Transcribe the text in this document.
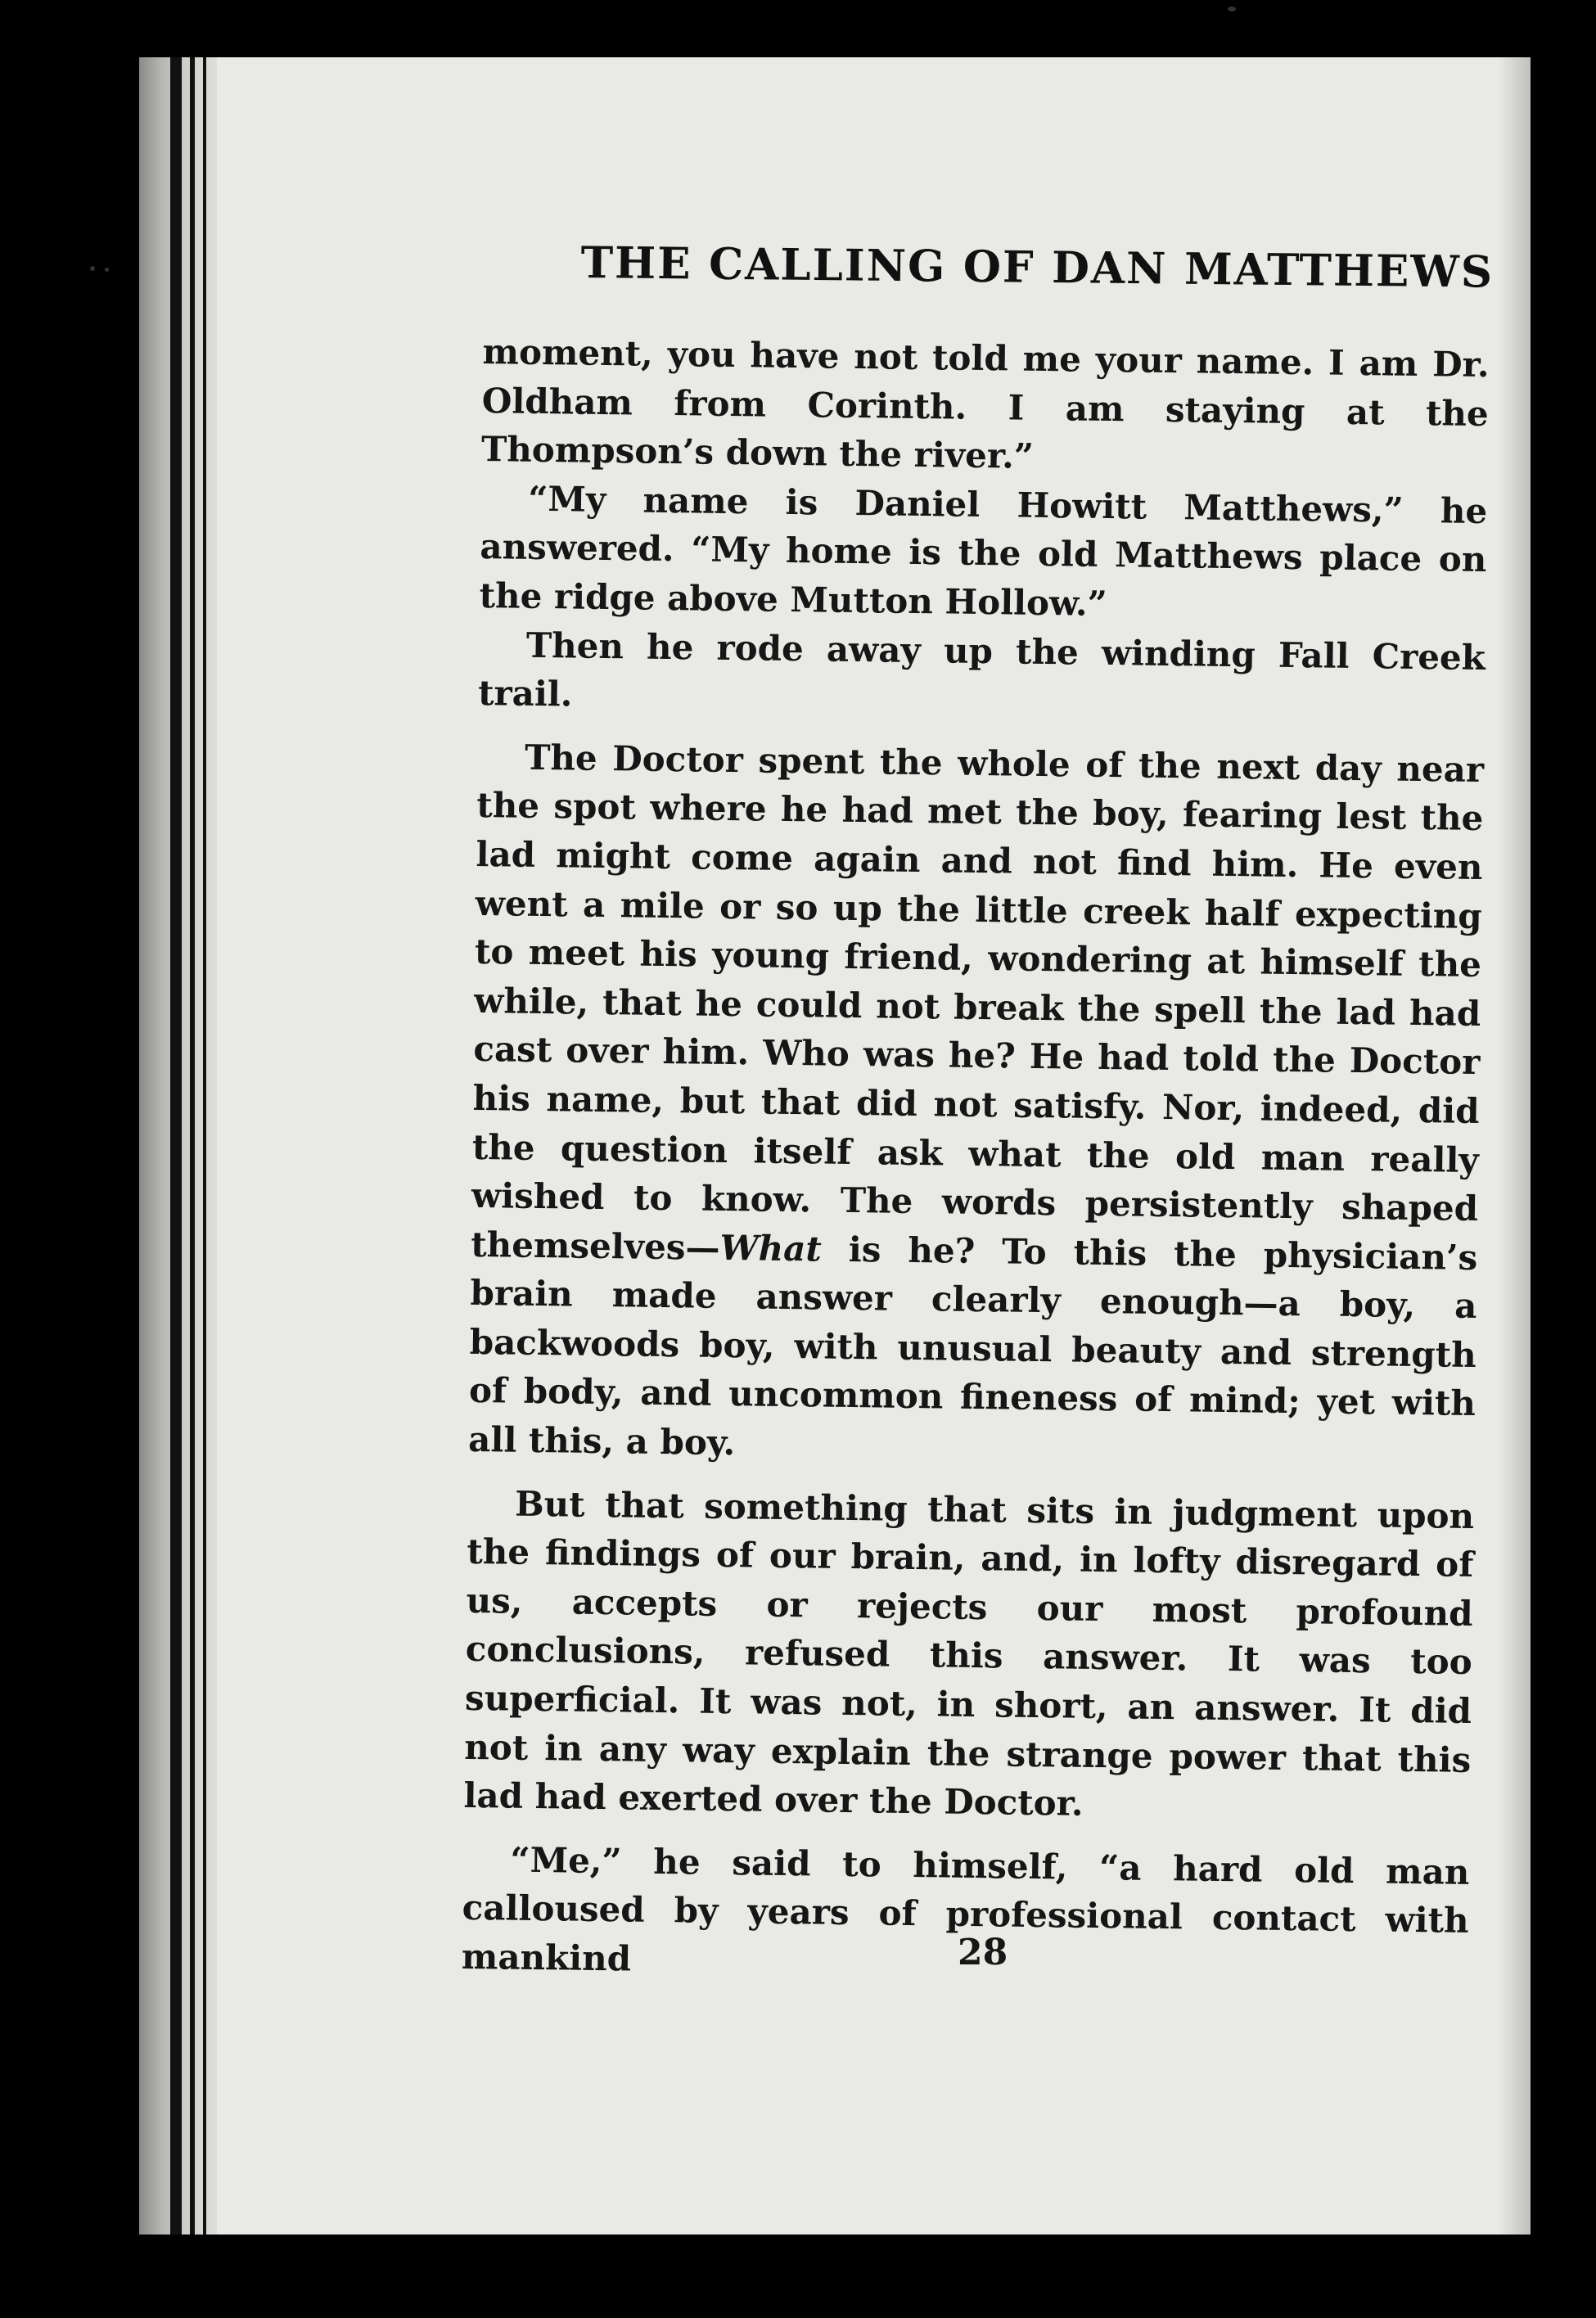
THE CALLING OF DAN MATTHEWS

moment, you have not told me your name. I am Dr. Oldham from Corinth. I am staying at the Thompson’s down the river.”

“My name is Daniel Howitt Matthews,” he answered. “My home is the old Matthews place on the ridge above Mutton Hollow.”

Then he rode away up the winding Fall Creek trail.

The Doctor spent the whole of the next day near the spot where he had met the boy, fearing lest the lad might come again and not find him. He even went a mile or so up the little creek half expecting to meet his young friend, wondering at himself the while, that he could not break the spell the lad had cast over him. Who was he? He had told the Doctor his name, but that did not satisfy. Nor, indeed, did the question itself ask what the old man really wished to know. The words persistently shaped themselves—What is he? To this the physician’s brain made answer clearly enough—a boy, a backwoods boy, with unusual beauty and strength of body, and uncommon fineness of mind; yet with all this, a boy.

But that something that sits in judgment upon the findings of our brain, and, in lofty disregard of us, accepts or rejects our most profound conclusions, refused this answer. It was too superficial. It was not, in short, an answer. It did not in any way explain the strange power that this lad had exerted over the Doctor.

“Me,” he said to himself, “a hard old man calloused by years of professional contact with mankind	28
